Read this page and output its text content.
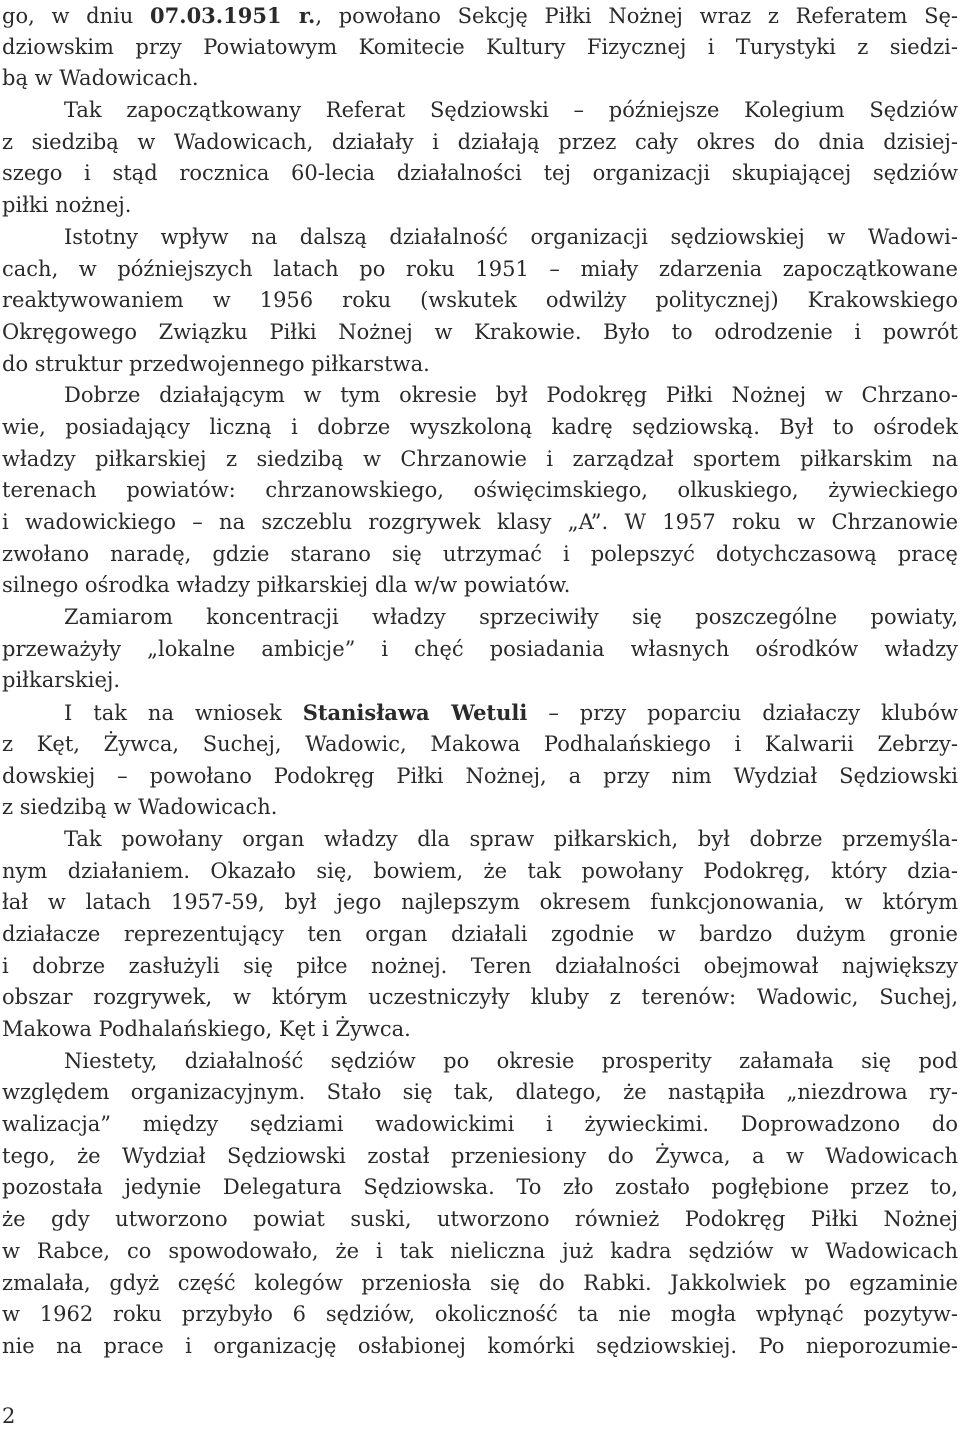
go, w dniu 07.03.1951 r., powołano Sekcję Piłki Nożnej wraz z Referatem Sę-
dziowskim przy Powiatowym Komitecie Kultury Fizycznej i Turystyki z siedzi-
bą w Wadowicach.
Tak zapoczątkowany Referat Sędziowski – późniejsze Kolegium Sędziów
z siedzibą w Wadowicach, działały i działają przez cały okres do dnia dzisiej-
szego i stąd rocznica 60-lecia działalności tej organizacji skupiającej sędziów
piłki nożnej.
Istotny wpływ na dalszą działalność organizacji sędziowskiej w Wadowi-
cach, w późniejszych latach po roku 1951 – miały zdarzenia zapoczątkowane
reaktywowaniem w 1956 roku (wskutek odwilży politycznej) Krakowskiego
Okręgowego Związku Piłki Nożnej w Krakowie. Było to odrodzenie i powrót
do struktur przedwojennego piłkarstwa.
Dobrze działającym w tym okresie był Podokręg Piłki Nożnej w Chrzano-
wie, posiadający liczną i dobrze wyszkoloną kadrę sędziowską. Był to ośrodek
władzy piłkarskiej z siedzibą w Chrzanowie i zarządzał sportem piłkarskim na
terenach powiatów: chrzanowskiego, oświęcimskiego, olkuskiego, żywieckiego
i wadowickiego – na szczeblu rozgrywek klasy „A”. W 1957 roku w Chrzanowie
zwołano naradę, gdzie starano się utrzymać i polepszyć dotychczasową pracę
silnego ośrodka władzy piłkarskiej dla w/w powiatów.
Zamiarom koncentracji władzy sprzeciwiły się poszczególne powiaty,
przeważyły „lokalne ambicje” i chęć posiadania własnych ośrodków władzy
piłkarskiej.
I tak na wniosek Stanisława Wetuli – przy poparciu działaczy klubów
z Kęt, Żywca, Suchej, Wadowic, Makowa Podhalańskiego i Kalwarii Zebrzy-
dowskiej – powołano Podokręg Piłki Nożnej, a przy nim Wydział Sędziowski
z siedzibą w Wadowicach.
Tak powołany organ władzy dla spraw piłkarskich, był dobrze przemyśla-
nym działaniem. Okazało się, bowiem, że tak powołany Podokręg, który dzia-
łał w latach 1957-59, był jego najlepszym okresem funkcjonowania, w którym
działacze reprezentujący ten organ działali zgodnie w bardzo dużym gronie
i dobrze zasłużyli się piłce nożnej. Teren działalności obejmował największy
obszar rozgrywek, w którym uczestniczyły kluby z terenów: Wadowic, Suchej,
Makowa Podhalańskiego, Kęt i Żywca.
Niestety, działalność sędziów po okresie prosperity załamała się pod
względem organizacyjnym. Stało się tak, dlatego, że nastąpiła „niezdrowa ry-
walizacja” między sędziami wadowickimi i żywieckimi. Doprowadzono do
tego, że Wydział Sędziowski został przeniesiony do Żywca, a w Wadowicach
pozostała jedynie Delegatura Sędziowska. To zło zostało pogłębione przez to,
że gdy utworzono powiat suski, utworzono również Podokręg Piłki Nożnej
w Rabce, co spowodowało, że i tak nieliczna już kadra sędziów w Wadowicach
zmalała, gdyż część kolegów przeniosła się do Rabki. Jakkolwiek po egzaminie
w 1962 roku przybyło 6 sędziów, okoliczność ta nie mogła wpłynąć pozytyw-
nie na prace i organizację osłabionej komórki sędziowskiej. Po nieporozumie-
2
